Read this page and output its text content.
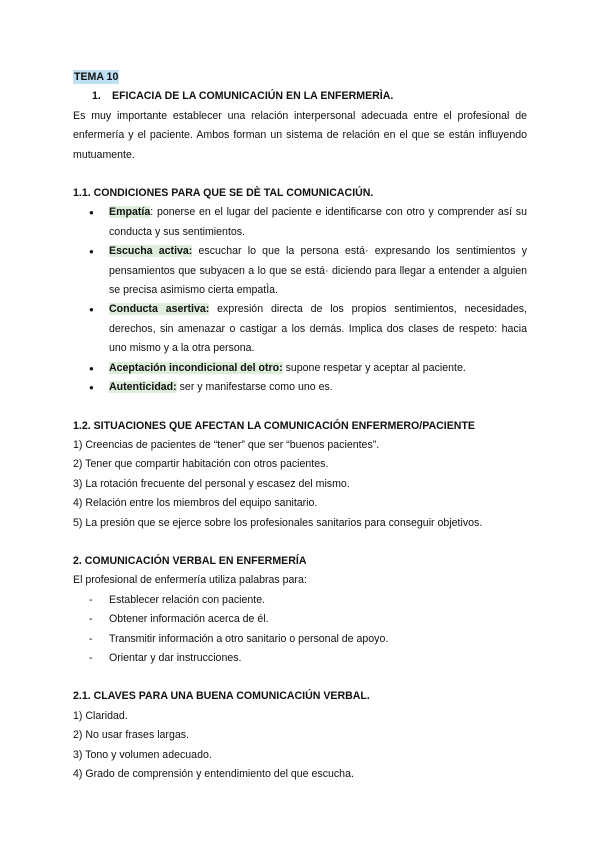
TEMA 10
1. EFICACIA DE LA COMUNICACIÚN EN LA ENFERMERÌA.
Es muy importante establecer una relación interpersonal adecuada entre el profesional de enfermería y el paciente. Ambos forman un sistema de relación en el que se están influyendo mutuamente.
1.1. CONDICIONES PARA QUE SE DÈ TAL COMUNICACIÚN.
● Empatía: ponerse en el lugar del paciente e identificarse con otro y comprender así su conducta y sus sentimientos.
● Escucha activa: escuchar lo que la persona está· expresando los sentimientos y pensamientos que subyacen a lo que se está· diciendo para llegar a entender a alguien se precisa asimismo cierta empatÌa.
● Conducta asertiva: expresión directa de los propios sentimientos, necesidades, derechos, sin amenazar o castigar a los demás. Implica dos clases de respeto: hacia uno mismo y a la otra persona.
● Aceptación incondicional del otro: supone respetar y aceptar al paciente.
● Autenticidad: ser y manifestarse como uno es.
1.2. SITUACIONES QUE AFECTAN LA COMUNICACIÓN ENFERMERO/PACIENTE
1) Creencias de pacientes de “tener” que ser “buenos pacientes”.
2) Tener que compartir habitación con otros pacientes.
3) La rotación frecuente del personal y escasez del mismo.
4) Relación entre los miembros del equipo sanitario.
5) La presión que se ejerce sobre los profesionales sanitarios para conseguir objetivos.
2. COMUNICACIÓN VERBAL EN ENFERMERÍA
El profesional de enfermería utiliza palabras para:
- Establecer relación con paciente.
- Obtener información acerca de él.
- Transmitir información a otro sanitario o personal de apoyo.
- Orientar y dar instrucciones.
2.1. CLAVES PARA UNA BUENA COMUNICACIÚN VERBAL.
1) Claridad.
2) No usar frases largas.
3) Tono y volumen adecuado.
4) Grado de comprensión y entendimiento del que escucha.
